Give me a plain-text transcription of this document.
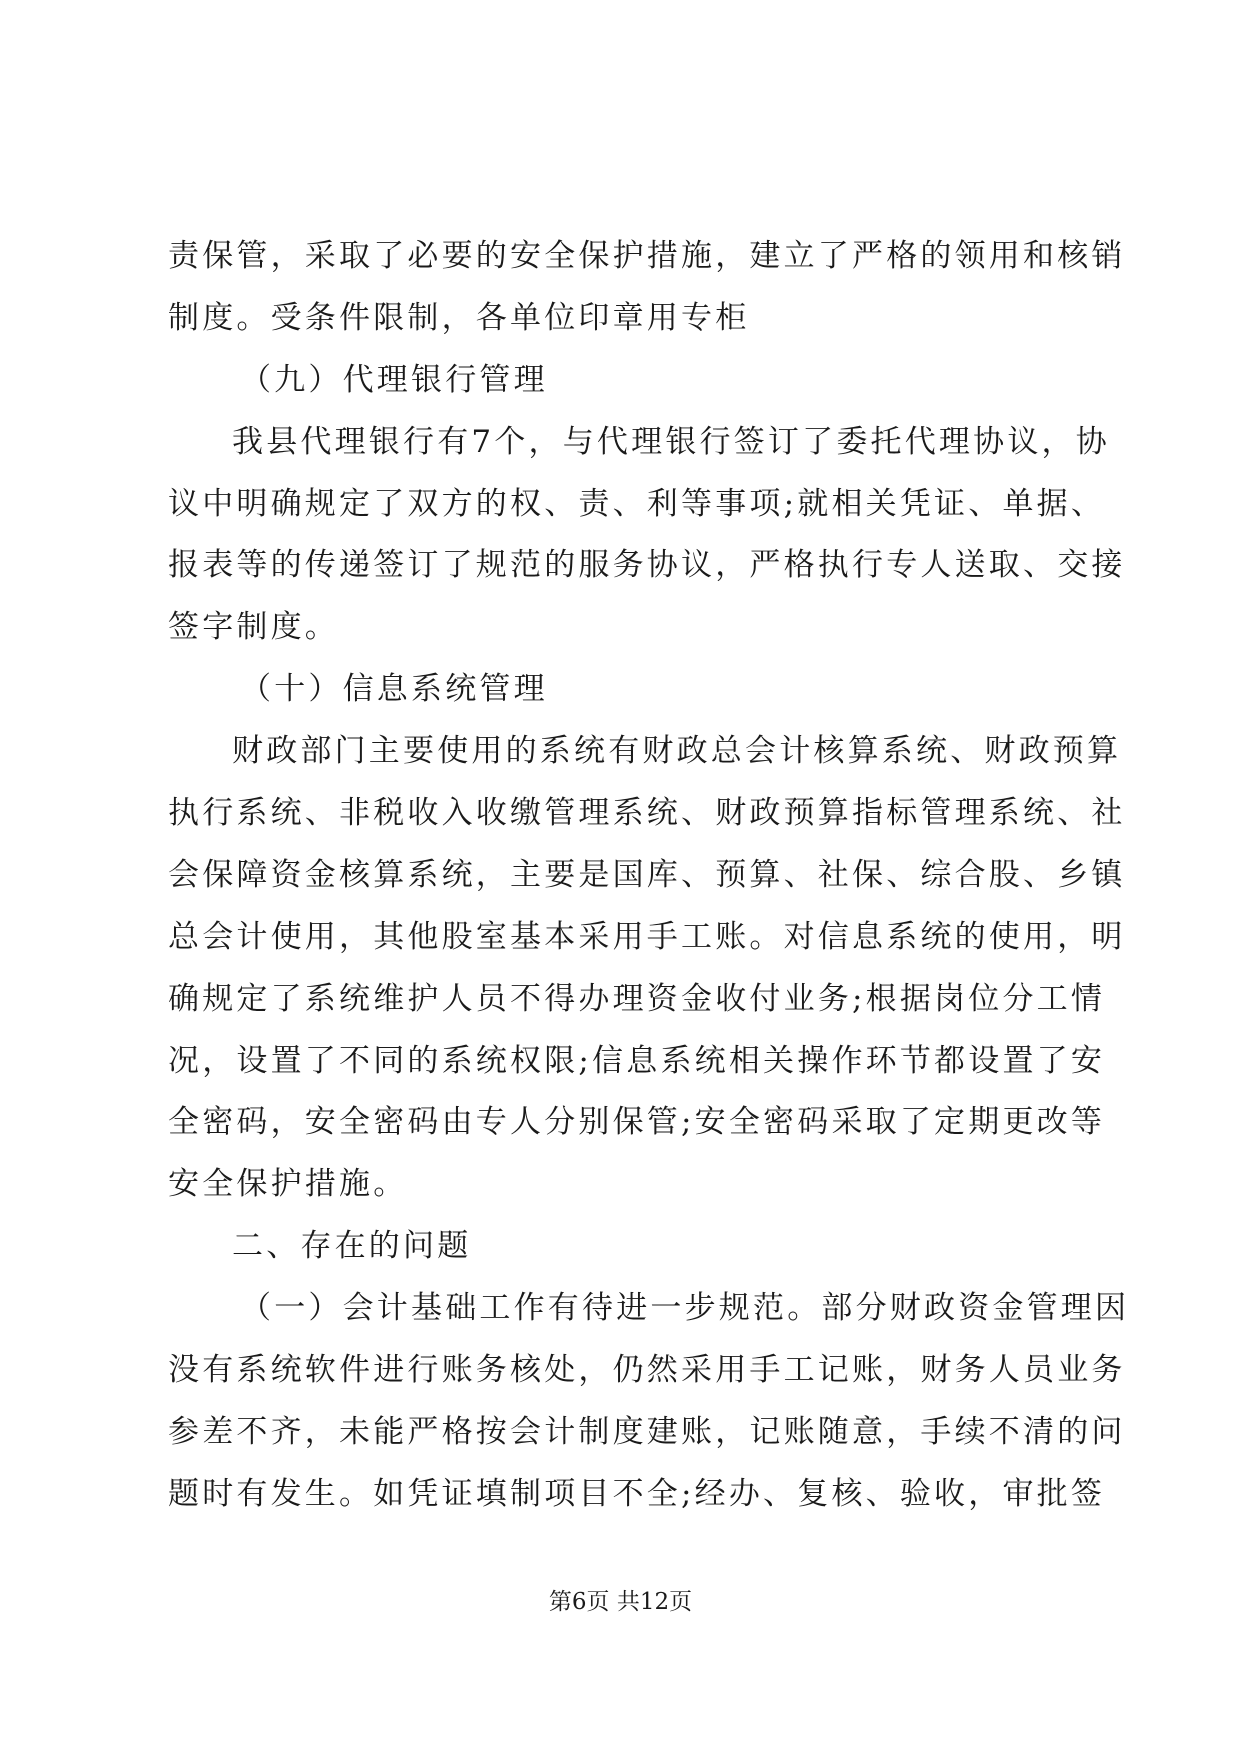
责保管，采取了必要的安全保护措施，建立了严格的领用和核销
制度。受条件限制，各单位印章用专柜
（九）代理银行管理
我县代理银行有7个，与代理银行签订了委托代理协议，协
议中明确规定了双方的权、责、利等事项;就相关凭证、单据、
报表等的传递签订了规范的服务协议，严格执行专人送取、交接
签字制度。
（十）信息系统管理
财政部门主要使用的系统有财政总会计核算系统、财政预算
执行系统、非税收入收缴管理系统、财政预算指标管理系统、社
会保障资金核算系统，主要是国库、预算、社保、综合股、乡镇
总会计使用，其他股室基本采用手工账。对信息系统的使用，明
确规定了系统维护人员不得办理资金收付业务;根据岗位分工情
况，设置了不同的系统权限;信息系统相关操作环节都设置了安
全密码，安全密码由专人分别保管;安全密码采取了定期更改等
安全保护措施。
二、存在的问题
（一）会计基础工作有待进一步规范。部分财政资金管理因
没有系统软件进行账务核处，仍然采用手工记账，财务人员业务
参差不齐，未能严格按会计制度建账，记账随意，手续不清的问
题时有发生。如凭证填制项目不全;经办、复核、验收，审批签
第6页 共12页
